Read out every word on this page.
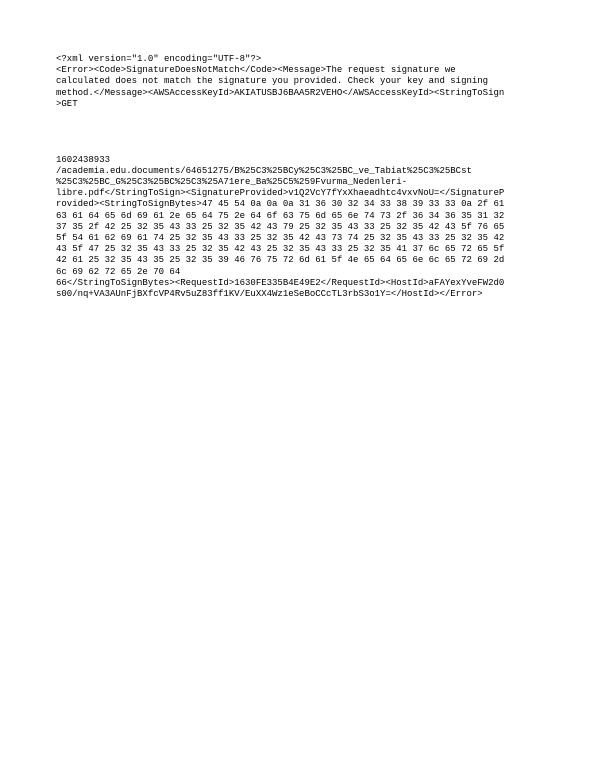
<?xml version="1.0" encoding="UTF-8"?>
<Error><Code>SignatureDoesNotMatch</Code><Message>The request signature we
calculated does not match the signature you provided. Check your key and signing
method.</Message><AWSAccessKeyId>AKIATUSBJ6BAA5R2VEHO</AWSAccessKeyId><StringToSign
>GET
1602438933
/academia.edu.documents/64651275/B%25C3%25BCy%25C3%25BC_ve_Tabiat%25C3%25BCst
%25C3%25BC_G%25C3%25BC%25C3%25A71ere_Ba%25C5%259Fvurma_Nedenleri-
libre.pdf</StringToSign><SignatureProvided>v1Q2VcY7fYxXhaeadhtc4vxvNoU=</SignatureP
rovided><StringToSignBytes>47 45 54 0a 0a 0a 31 36 30 32 34 33 38 39 33 33 0a 2f 61
63 61 64 65 6d 69 61 2e 65 64 75 2e 64 6f 63 75 6d 65 6e 74 73 2f 36 34 36 35 31 32
37 35 2f 42 25 32 35 43 33 25 32 35 42 43 79 25 32 35 43 33 25 32 35 42 43 5f 76 65
5f 54 61 62 69 61 74 25 32 35 43 33 25 32 35 42 43 73 74 25 32 35 43 33 25 32 35 42
43 5f 47 25 32 35 43 33 25 32 35 42 43 25 32 35 43 33 25 32 35 41 37 6c 65 72 65 5f
42 61 25 32 35 43 35 25 32 35 39 46 76 75 72 6d 61 5f 4e 65 64 65 6e 6c 65 72 69 2d
6c 69 62 72 65 2e 70 64
66</StringToSignBytes><RequestId>1630FE335B4E49E2</RequestId><HostId>aFAYexYveFW2d0
s00/nq+VA3AUnFjBXfcVP4Rv5uZ83ff1KV/EuXX4Wz1eSeBoCCcTL3rbS3o1Y=</HostId></Error>
